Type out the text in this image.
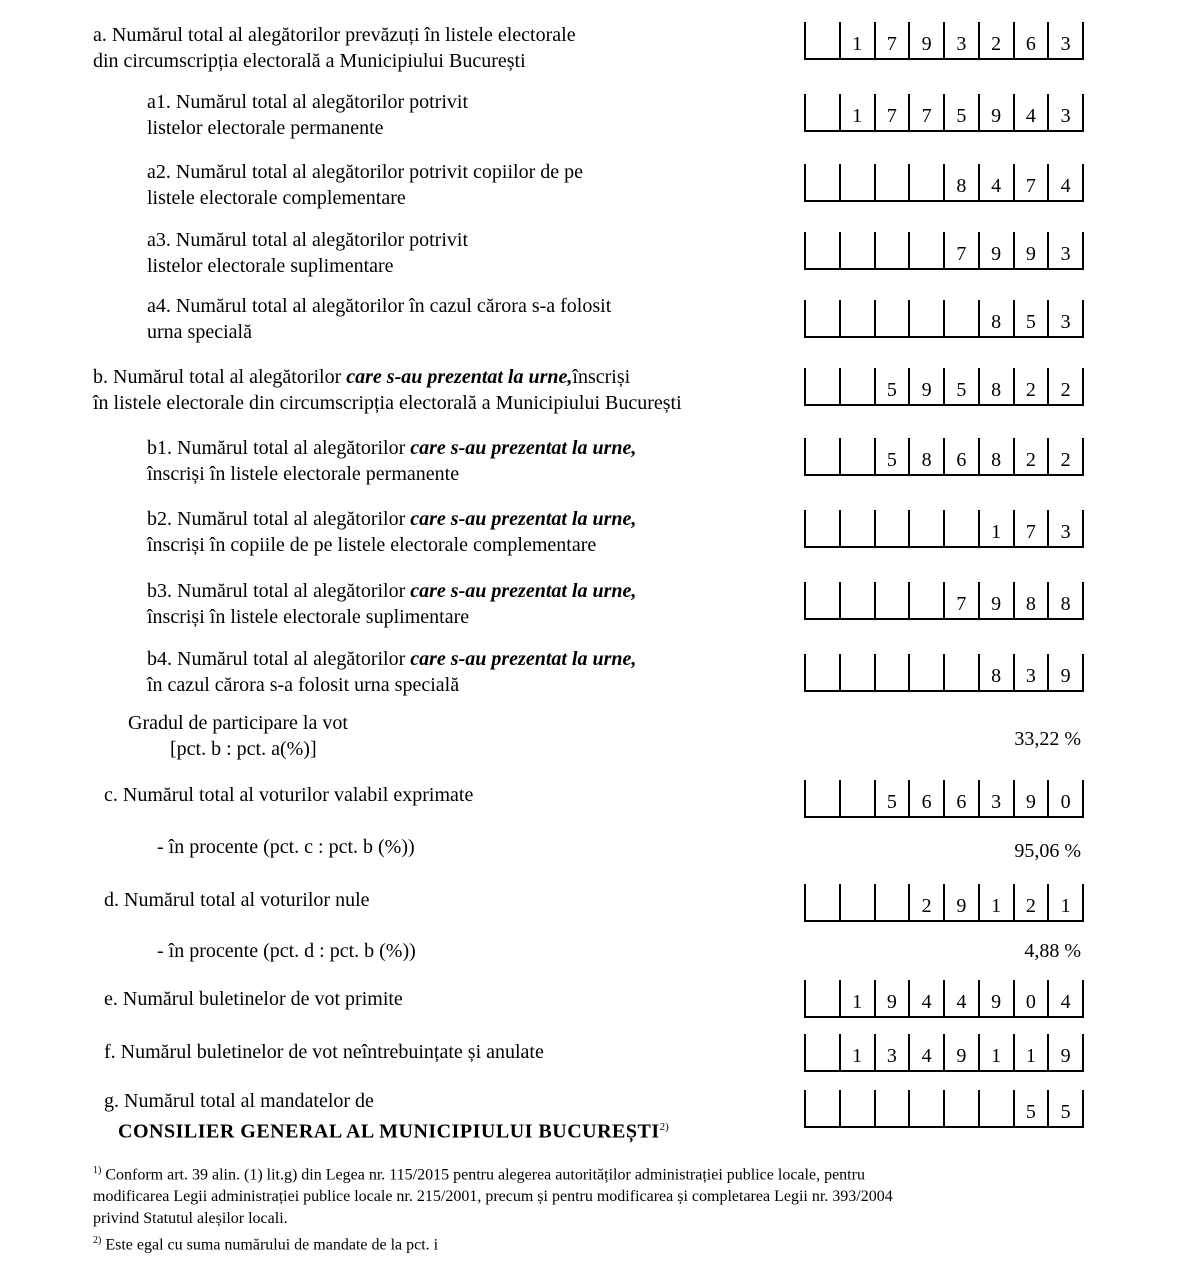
a. Numărul total al alegătorilor prevăzuți în listele electorale
din circumscripția electorală a Municipiului București
1	7	9	3	2	6	3
a1. Numărul total al alegătorilor potrivit
listelor electorale permanente
1	7	7	5	9	4	3
a2. Numărul total al alegătorilor potrivit copiilor de pe
listele electorale complementare
8	4	7	4
a3. Numărul total al alegătorilor potrivit
listelor electorale suplimentare
7	9	9	3
a4. Numărul total al alegătorilor în cazul cărora s-a folosit
urna specială	8	5	3
b. Numărul total al alegătorilor care s-au prezentat la urne,înscriși
în listele electorale din circumscripția electorală a Municipiului București
5	9	5	8	2	2
b1. Numărul total al alegătorilor care s-au prezentat la urne,
înscriși în listele electorale permanente
5	8	6	8	2	2
b2. Numărul total al alegătorilor care s-au prezentat la urne,
înscriși în copiile de pe listele electorale complementare
1	7	3
b3. Numărul total al alegătorilor care s-au prezentat la urne,
înscriși în listele electorale suplimentare
7	9	8	8
b4. Numărul total al alegătorilor care s-au prezentat la urne,
în cazul cărora s-a folosit urna specială	8	3	9
c. Numărul total al voturilor valabil exprimate	5	6	6	3	9	0
d. Numărul total al voturilor nule	2	9	1	2	1
e. Numărul buletinelor de vot primite	1	9	4	4	9	0	4
f. Numărul buletinelor de vot neîntrebuințate și anulate	1	3	4	9	1	1	9
g. Numărul total al mandatelor de	5	5
Gradul de participare la vot
[pct. b : pct. a(%)]	33,22 %
- în procente (pct. c : pct. b (%))	95,06 %
- în procente (pct. d : pct. b (%))	4,88 %
CONSILIER GENERAL AL MUNICIPIULUI BUCUREȘTI$^{2)}$
$^{1)}$ Conform art. 39 alin. (1) lit.g) din Legea nr. 115/2015 pentru alegerea autorităților administrației publice locale, pentru
modificarea Legii administrației publice locale nr. 215/2001, precum și pentru modificarea și completarea Legii nr. 393/2004
privind Statutul aleșilor locali.
$^{2)}$ Este egal cu suma numărului de mandate de la pct. i
